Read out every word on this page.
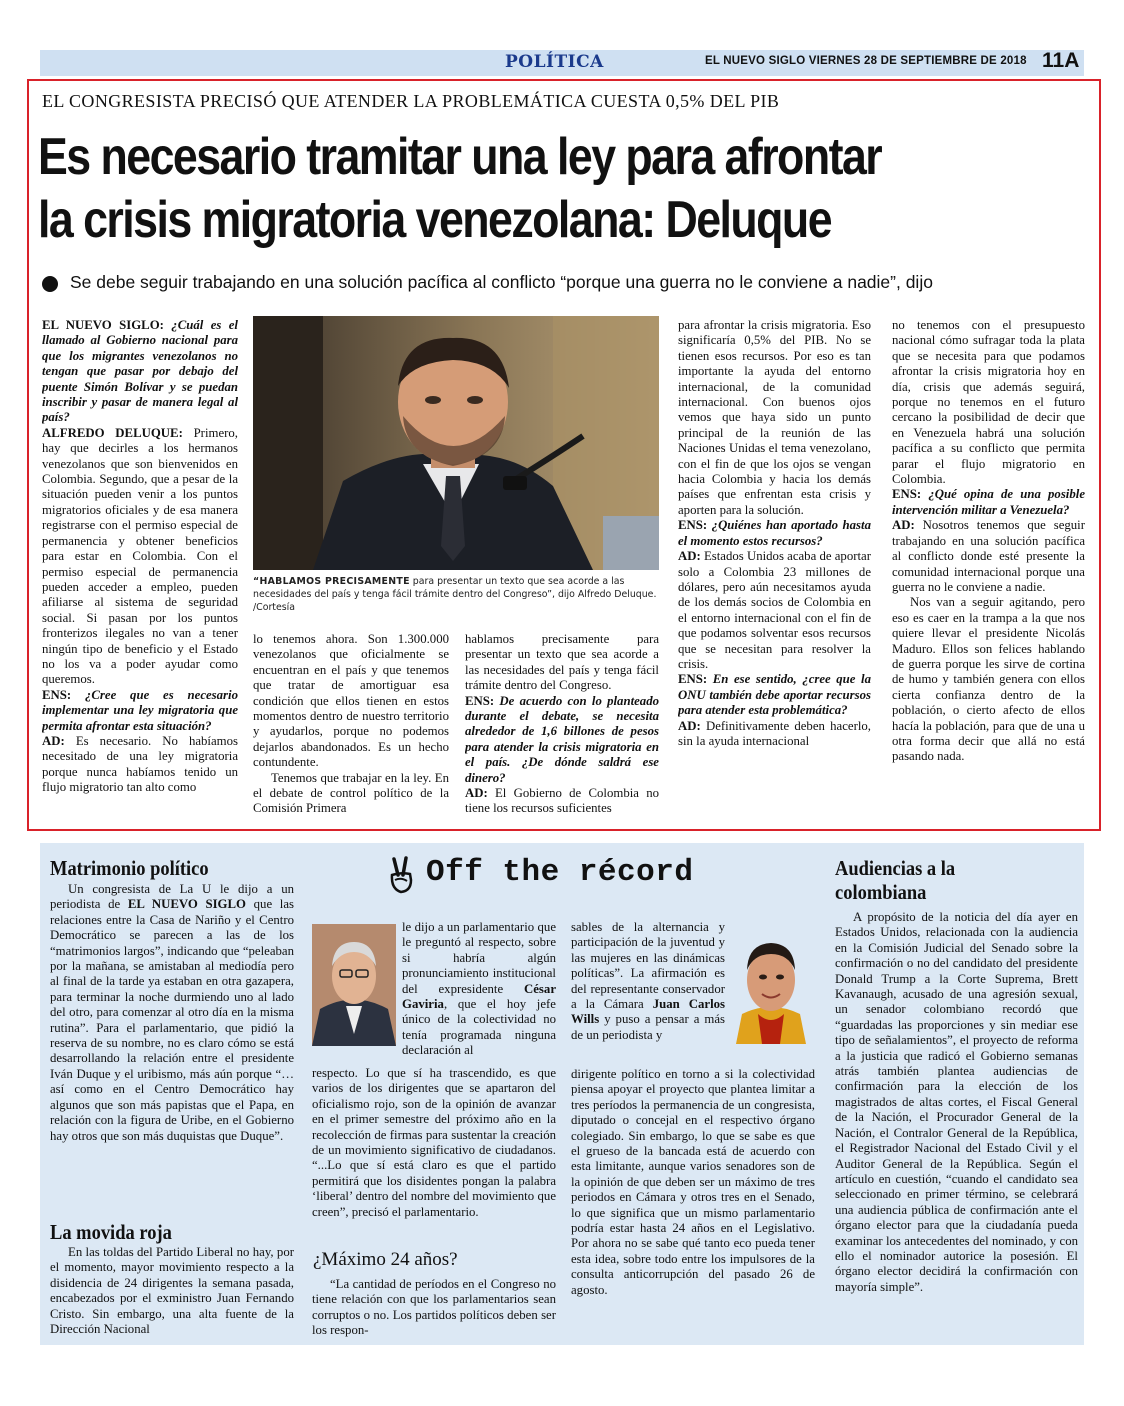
POLÍTICA	EL NUEVO SIGLO VIERNES 28 DE SEPTIEMBRE DE 2018 11A
EL CONGRESISTA PRECISÓ QUE ATENDER LA PROBLEMÁTICA CUESTA 0,5% DEL PIB
Es necesario tramitar una ley para afrontar
la crisis migratoria venezolana: Deluque
Se debe seguir trabajando en una solución pacífica al conflicto “porque una guerra no le conviene a nadie”, dijo

EL NUEVO SIGLO: ¿Cuál es el llamado al Gobierno nacional para que los migrantes venezolanos no tengan que pasar por debajo del puente Simón Bolívar y se puedan inscribir y pasar de manera legal al país?

ALFREDO DELUQUE: Primero, hay que decirles a los hermanos venezolanos que son bienvenidos en Colombia. Segundo, que a pesar de la situación pueden venir a los puntos migratorios oficiales y de esa manera registrarse con el permiso especial de permanencia y obtener beneficios para estar en Colombia. Con el permiso especial de permanencia pueden acceder a empleo, pueden afiliarse al sistema de seguridad social. Si pasan por los puntos fronterizos ilegales no van a tener ningún tipo de beneficio y el Estado no los va a poder ayudar como queremos.

ENS: ¿Cree que es necesario implementar una ley migratoria que permita afrontar esta situación?

AD: Es necesario. No habíamos necesitado de una ley migratoria porque nunca habíamos tenido un flujo migratorio tan alto como

“HABLAMOS PRECISAMENTE para presentar un texto que sea acorde a las necesidades del país y tenga fácil trámite dentro del Congreso”, dijo Alfredo Deluque. /Cortesía

lo tenemos ahora. Son 1.300.000 venezolanos que oficialmente se encuentran en el país y que tenemos que tratar de amortiguar esa condición que ellos tienen en estos momentos dentro de nuestro territorio y ayudarlos, porque no podemos dejarlos abandonados. Es un hecho contundente.

Tenemos que trabajar en la ley. En el debate de control político de la Comisión Primera

hablamos precisamente para presentar un texto que sea acorde a las necesidades del país y tenga fácil trámite dentro del Congreso.

ENS: De acuerdo con lo planteado durante el debate, se necesita alrededor de 1,6 billones de pesos para atender la crisis migratoria en el país. ¿De dónde saldrá ese dinero?

AD: El Gobierno de Colombia no tiene los recursos suficientes

para afrontar la crisis migratoria. Eso significaría 0,5% del PIB. No se tienen esos recursos. Por eso es tan importante la ayuda del entorno internacional, de la comunidad internacional. Con buenos ojos vemos que haya sido un punto principal de la reunión de las Naciones Unidas el tema venezolano, con el fin de que los ojos se vengan hacia Colombia y hacia los demás países que enfrentan esta crisis y aporten para la solución.

ENS: ¿Quiénes han aportado hasta el momento estos recursos?

AD: Estados Unidos acaba de aportar solo a Colombia 23 millones de dólares, pero aún necesitamos ayuda de los demás socios de Colombia en el entorno internacional con el fin de que podamos solventar esos recursos que se necesitan para resolver la crisis.

ENS: En ese sentido, ¿cree que la ONU también debe aportar recursos para atender esta problemática?

AD: Definitivamente deben hacerlo, sin la ayuda internacional

no tenemos con el presupuesto nacional cómo sufragar toda la plata que se necesita para que podamos afrontar la crisis migratoria hoy en día, crisis que además seguirá, porque no tenemos en el futuro cercano la posibilidad de decir que en Venezuela habrá una solución pacífica a su conflicto que permita parar el flujo migratorio en Colombia.

ENS: ¿Qué opina de una posible intervención militar a Venezuela?

AD: Nosotros tenemos que seguir trabajando en una solución pacífica al conflicto donde esté presente la comunidad internacional porque una guerra no le conviene a nadie.

Nos van a seguir agitando, pero eso es caer en la trampa a la que nos quiere llevar el presidente Nicolás Maduro. Ellos son felices hablando de guerra porque les sirve de cortina de humo y también genera con ellos cierta confianza dentro de la población, o cierto afecto de ellos hacía la población, para que de una u otra forma decir que allá no está pasando nada.

Off the récord
Matrimonio político

Un congresista de La U le dijo a un periodista de EL NUEVO SIGLO que las relaciones entre la Casa de Nariño y el Centro Democrático se parecen a las de los “matrimonios largos”, indicando que “peleaban por la mañana, se amistaban al mediodía pero al final de la tarde ya estaban en otra gazapera, para terminar la noche durmiendo uno al lado del otro, para comenzar al otro día en la misma rutina”. Para el parlamentario, que pidió la reserva de su nombre, no es claro cómo se está desarrollando la relación entre el presidente Iván Duque y el uribismo, más aún porque “…así como en el Centro Democrático hay algunos que son más papistas que el Papa, en relación con la figura de Uribe, en el Gobierno hay otros que son más duquistas que Duque”.

La movida roja

En las toldas del Partido Liberal no hay, por el momento, mayor movimiento respecto a la disidencia de 24 dirigentes la semana pasada, encabezados por el exministro Juan Fernando Cristo. Sin embargo, una alta fuente de la Dirección Nacional

le dijo a un parlamentario que le preguntó al respecto, sobre si habría algún pronunciamiento institucional del expresidente César Gaviria, que el hoy jefe único de la colectividad no tenía programada ninguna declaración al

respecto. Lo que sí ha trascendido, es que varios de los dirigentes que se apartaron del oficialismo rojo, son de la opinión de avanzar en el primer semestre del próximo año en la recolección de firmas para sustentar la creación de un movimiento significativo de ciudadanos. “...Lo que sí está claro es que el partido permitirá que los disidentes pongan la palabra ‘liberal’ dentro del nombre del movimiento que creen”, precisó el parlamentario.

¿Máximo 24 años?

“La cantidad de períodos en el Congreso no tiene relación con que los parlamentarios sean corruptos o no. Los partidos políticos deben ser los respon-

sables de la alternancia y participación de la juventud y las mujeres en las dinámicas políticas”. La afirmación es del representante conservador a la Cámara Juan Carlos Wills y puso a pensar a más de un periodista y

dirigente político en torno a si la colectividad piensa apoyar el proyecto que plantea limitar a tres períodos la permanencia de un congresista, diputado o concejal en el respectivo órgano colegiado. Sin embargo, lo que se sabe es que el grueso de la bancada está de acuerdo con esta limitante, aunque varios senadores son de la opinión de que deben ser un máximo de tres periodos en Cámara y otros tres en el Senado, lo que significa que un mismo parlamentario podría estar hasta 24 años en el Legislativo. Por ahora no se sabe qué tanto eco pueda tener esta idea, sobre todo entre los impulsores de la consulta anticorrupción del pasado 26 de agosto.

Audiencias a la
colombiana

A propósito de la noticia del día ayer en Estados Unidos, relacionada con la audiencia en la Comisión Judicial del Senado sobre la confirmación o no del candidato del presidente Donald Trump a la Corte Suprema, Brett Kavanaugh, acusado de una agresión sexual, un senador colombiano recordó que “guardadas las proporciones y sin mediar ese tipo de señalamientos”, el proyecto de reforma a la justicia que radicó el Gobierno semanas atrás también plantea audiencias de confirmación para la elección de los magistrados de altas cortes, el Fiscal General de la Nación, el Procurador General de la Nación, el Contralor General de la República, el Registrador Nacional del Estado Civil y el Auditor General de la República. Según el artículo en cuestión, “cuando el candidato sea seleccionado en primer término, se celebrará una audiencia pública de confirmación ante el órgano elector para que la ciudadanía pueda examinar los antecedentes del nominado, y con ello el nominador autorice la posesión. El órgano elector decidirá la confirmación con mayoría simple”.
